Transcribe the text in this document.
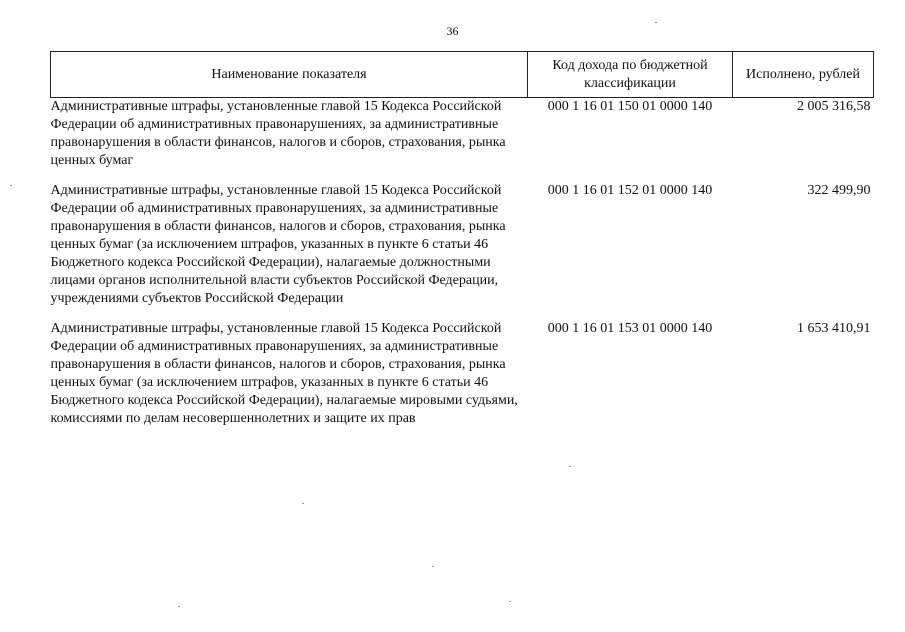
36
Наименование показателя	Код дохода по бюджетной классификации	Исполнено, рублей
Административные штрафы, установленные главой 15 Кодекса Российской Федерации об административных правонарушениях, за административные правонарушения в области финансов, налогов и сборов, страхования, рынка ценных бумаг	000 1 16 01 150 01 0000 140	2 005 316,58
Административные штрафы, установленные главой 15 Кодекса Российской Федерации об административных правонарушениях, за административные правонарушения в области финансов, налогов и сборов, страхования, рынка ценных бумаг (за исключением штрафов, указанных в пункте 6 статьи 46 Бюджетного кодекса Российской Федерации), налагаемые должностными лицами органов исполнительной власти субъектов Российской Федерации, учреждениями субъектов Российской Федерации	000 1 16 01 152 01 0000 140	322 499,90
Административные штрафы, установленные главой 15 Кодекса Российской Федерации об административных правонарушениях, за административные правонарушения в области финансов, налогов и сборов, страхования, рынка ценных бумаг (за исключением штрафов, указанных в пункте 6 статьи 46 Бюджетного кодекса Российской Федерации), налагаемые мировыми судьями, комиссиями по делам несовершеннолетних и защите их прав	000 1 16 01 153 01 0000 140	1 653 410,91
